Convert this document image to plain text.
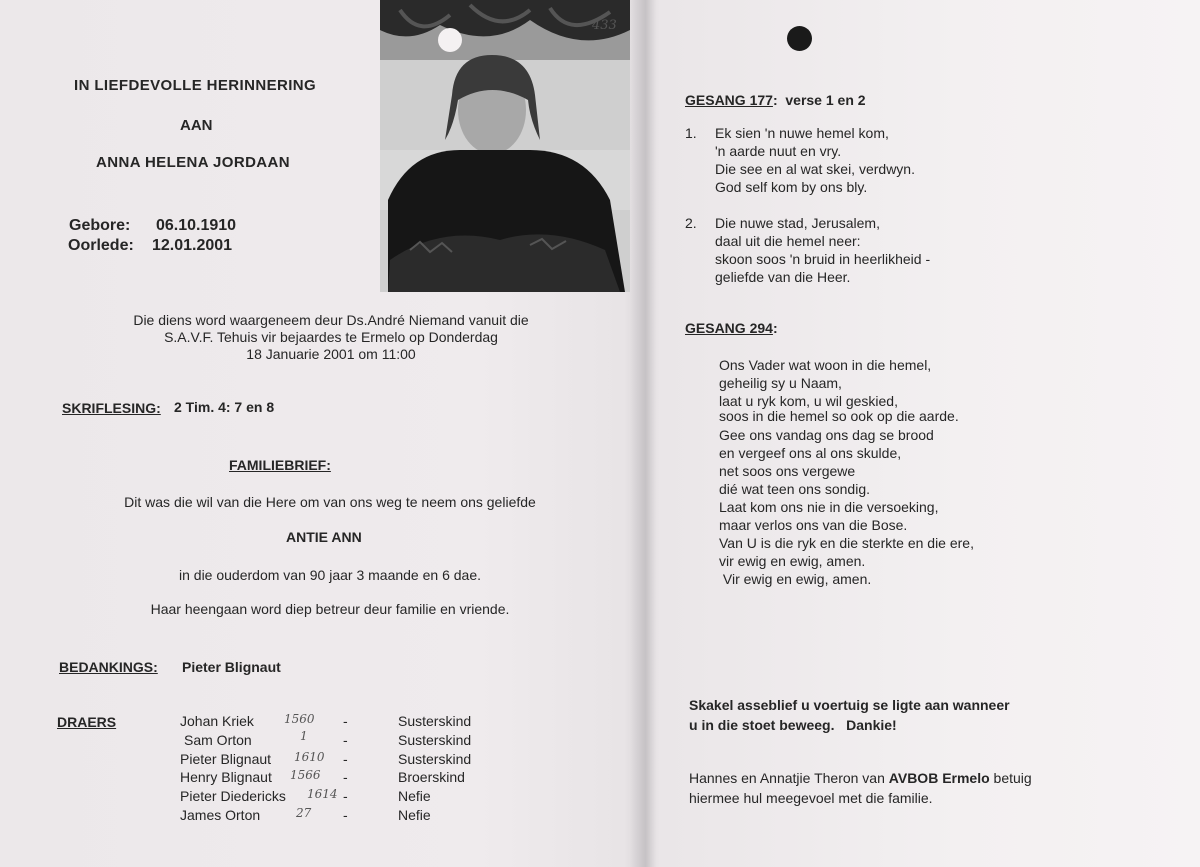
433
IN LIEFDEVOLLE HERINNERING
AAN
ANNA HELENA JORDAAN
Gebore: 06.10.1910
Oorlede: 12.01.2001
Die diens word waargeneem deur Ds.André Niemand vanuit die
S.A.V.F. Tehuis vir bejaardes te Ermelo op Donderdag
18 Januarie 2001 om 11:00
SKRIFLESING: 2 Tim. 4: 7 en 8
FAMILIEBRIEF:
Dit was die wil van die Here om van ons weg te neem ons geliefde
ANTIE ANN
in die ouderdom van 90 jaar 3 maande en 6 dae.
Haar heengaan word diep betreur deur familie en vriende.
BEDANKINGS: Pieter Blignaut
DRAERS	Johan Kriek	1560 -	Susterskind
Sam Orton	1	-	Susterskind
Pieter Blignaut 1610 -	Susterskind
Henry Blignaut 1566 -	Broerskind
Pieter Diedericks 1614 -	Nefie
James Orton	27 -	Nefie
GESANG 177:  verse 1 en 2
1. Ek sien 'n nuwe hemel kom,
'n aarde nuut en vry.
Die see en al wat skei, verdwyn.
God self kom by ons bly.
2. Die nuwe stad, Jerusalem,
daal uit die hemel neer:
skoon soos 'n bruid in heerlikheid -
geliefde van die Heer.
GESANG 294:
Ons Vader wat woon in die hemel,
geheilig sy u Naam,
laat u ryk kom, u wil geskied,
soos in die hemel so ook op die aarde.
Gee ons vandag ons dag se brood
en vergeef ons al ons skulde,
net soos ons vergewe
dié wat teen ons sondig.
Laat kom ons nie in die versoeking,
maar verlos ons van die Bose.
Van U is die ryk en die sterkte en die ere,
vir ewig en ewig, amen.
Vir ewig en ewig, amen.
Skakel asseblief u voertuig se ligte aan wanneer
u in die stoet beweeg.   Dankie!
Hannes en Annatjie Theron van AVBOB Ermelo betuig
hiermee hul meegevoel met die familie.
